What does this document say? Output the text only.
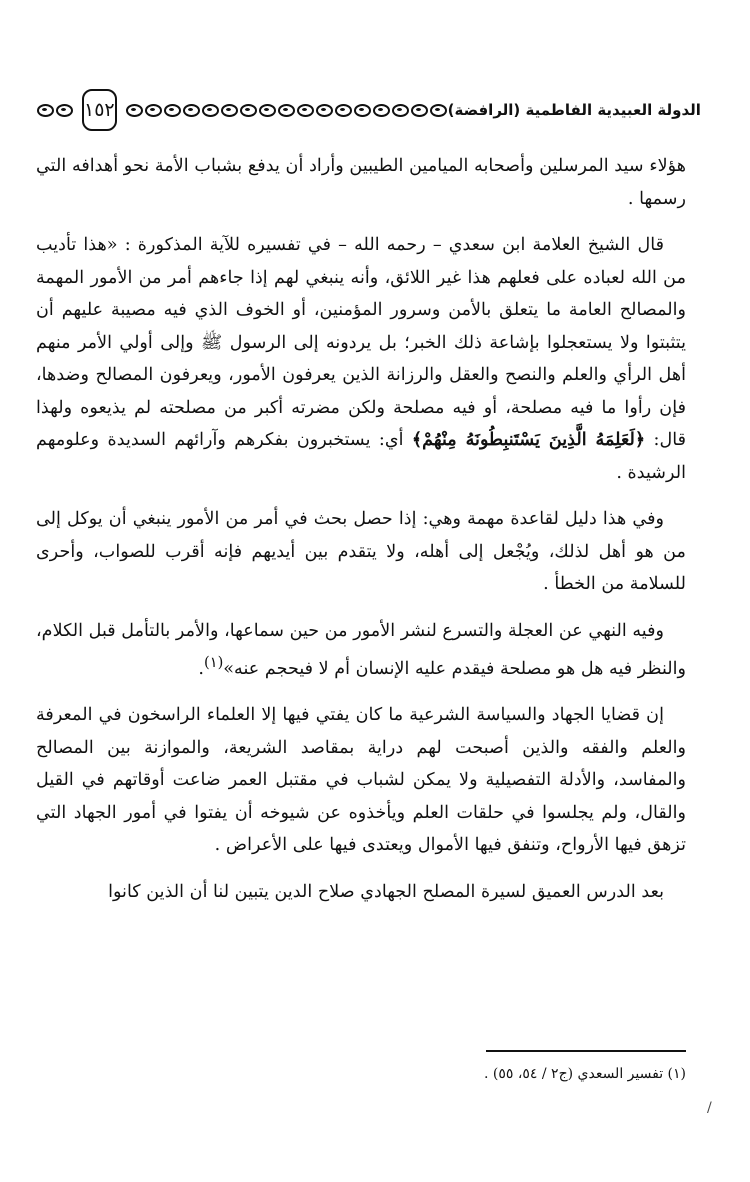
١٥٢	الدولة العبيدية الفاطمية (الرافضة)

هؤلاء سيد المرسلين وأصحابه الميامين الطيبين وأراد أن يدفع بشباب الأمة نحو أهدافه التي رسمها .

قال الشيخ العلامة ابن سعدي – رحمه الله – في تفسيره للآية المذكورة : «هذا تأديب من الله لعباده على فعلهم هذا غير اللائق، وأنه ينبغي لهم إذا جاءهم أمر من الأمور المهمة والمصالح العامة ما يتعلق بالأمن وسرور المؤمنين، أو الخوف الذي فيه مصيبة عليهم أن يتثبتوا ولا يستعجلوا بإشاعة ذلك الخبر؛ بل يردونه إلى الرسول ﷺ وإلى أولي الأمر منهم أهل الرأي والعلم والنصح والعقل والرزانة الذين يعرفون الأمور، ويعرفون المصالح وضدها، فإن رأوا ما فيه مصلحة، أو فيه مصلحة ولكن مضرته أكبر من مصلحته لم يذيعوه ولهذا قال: ﴿لَعَلِمَهُ الَّذِينَ يَسْتَنبِطُونَهُ مِنْهُمْ﴾ أي: يستخبرون بفكرهم وآرائهم السديدة وعلومهم الرشيدة .

وفي هذا دليل لقاعدة مهمة وهي: إذا حصل بحث في أمر من الأمور ينبغي أن يوكل إلى من هو أهل لذلك، ويُجْعل إلى أهله، ولا يتقدم بين أيديهم فإنه أقرب للصواب، وأحرى للسلامة من الخطأ .

وفيه النهي عن العجلة والتسرع لنشر الأمور من حين سماعها، والأمر بالتأمل قبل الكلام، والنظر فيه هل هو مصلحة فيقدم عليه الإنسان أم لا فيحجم عنه»$^{(١)}$.

إن قضايا الجهاد والسياسة الشرعية ما كان يفتي فيها إلا العلماء الراسخون في المعرفة والعلم والفقه والذين أصبحت لهم دراية بمقاصد الشريعة، والموازنة بين المصالح والمفاسد، والأدلة التفصيلية ولا يمكن لشباب في مقتبل العمر ضاعت أوقاتهم في القيل والقال، ولم يجلسوا في حلقات العلم ويأخذوه عن شيوخه أن يفتوا في أمور الجهاد التي تزهق فيها الأرواح، وتنفق فيها الأموال ويعتدى فيها على الأعراض .

بعد الدرس العميق لسيرة المصلح الجهادي صلاح الدين يتبين لنا أن الذين كانوا

(١) تفسير السعدي (ج٢ / ٥٤، ٥٥) .
/
